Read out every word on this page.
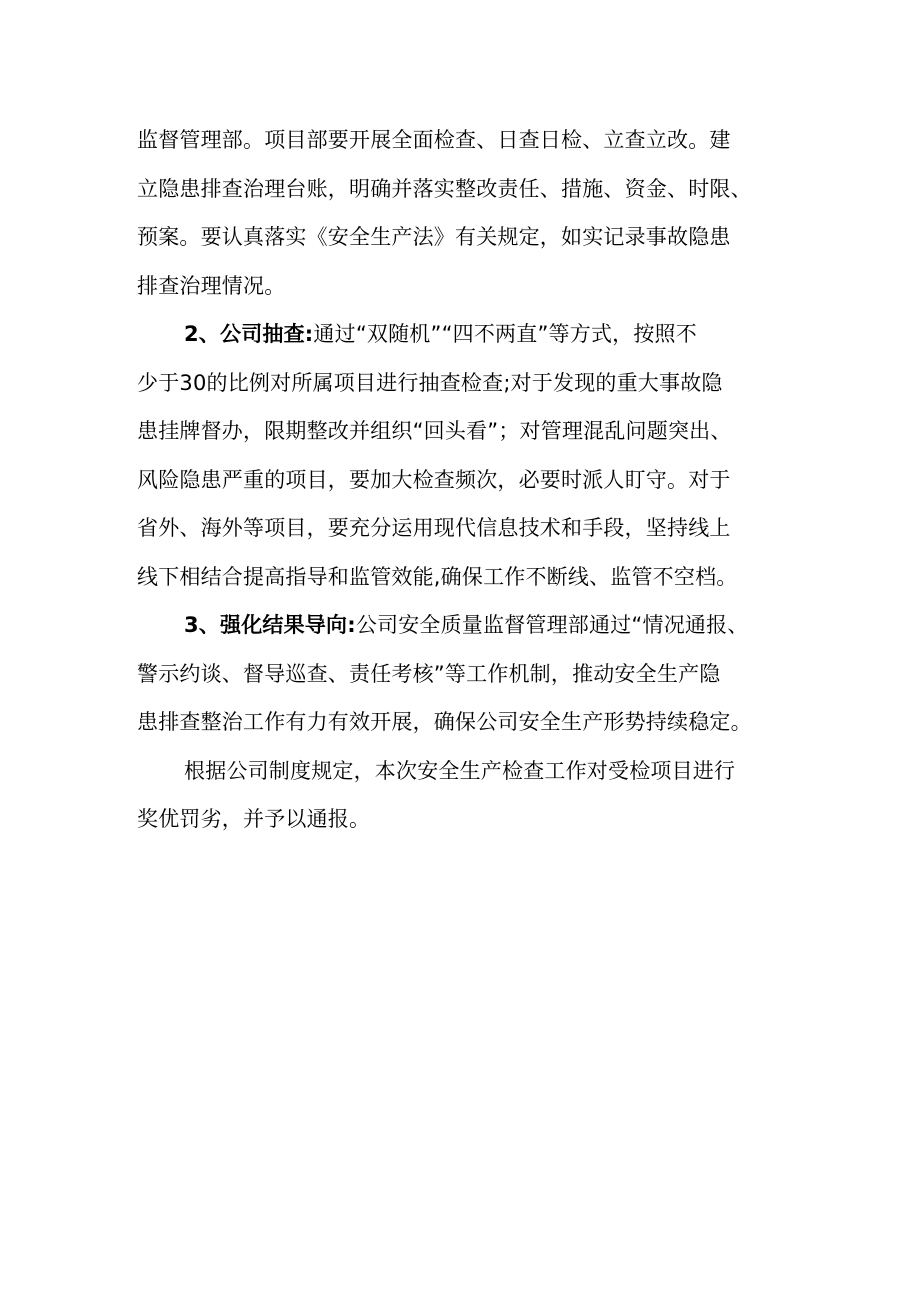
监督管理部。项目部要开展全面检查、日查日检、立查立改。建
立隐患排查治理台账，明确并落实整改责任、措施、资金、时限、
预案。要认真落实《安全生产法》有关规定，如实记录事故隐患
排查治理情况。
2、公司抽查:通过“双随机”“四不两直”等方式，按照不
少于30的比例对所属项目进行抽查检查;对于发现的重大事故隐
患挂牌督办，限期整改并组织“回头看”；对管理混乱问题突出、
风险隐患严重的项目，要加大检查频次，必要时派人盯守。对于
省外、海外等项目，要充分运用现代信息技术和手段，坚持线上
线下相结合提高指导和监管效能,确保工作不断线、监管不空档。
3、强化结果导向:公司安全质量监督管理部通过“情况通报、
警示约谈、督导巡查、责任考核”等工作机制，推动安全生产隐
患排查整治工作有力有效开展，确保公司安全生产形势持续稳定。
根据公司制度规定，本次安全生产检查工作对受检项目进行
奖优罚劣，并予以通报。
